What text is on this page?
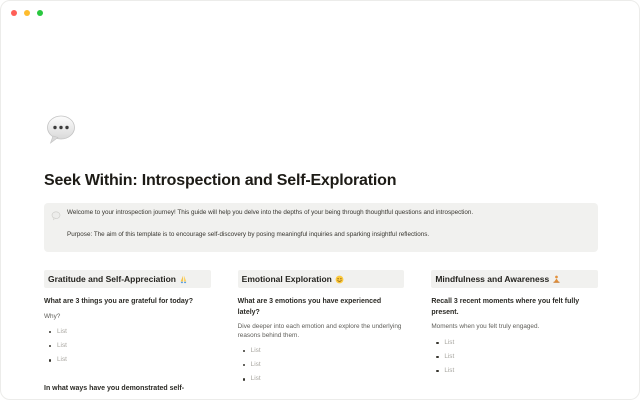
Seek Within: Introspection and Self-Exploration

Welcome to your introspection journey! This guide will help you delve into the depths of your being through thoughtful questions and introspection.

Purpose: The aim of this template is to encourage self-discovery by posing meaningful inquiries and sparking insightful reflections.

Gratitude and Self-Appreciation
What are 3 things you are grateful for today?
Why?
List
List
List
In what ways have you demonstrated self-
Emotional Exploration
What are 3 emotions you have experienced lately?
Dive deeper into each emotion and explore the underlying reasons behind them.
List
List
List
Mindfulness and Awareness
Recall 3 recent moments where you felt fully present.
Moments when you felt truly engaged.
List
List
List
